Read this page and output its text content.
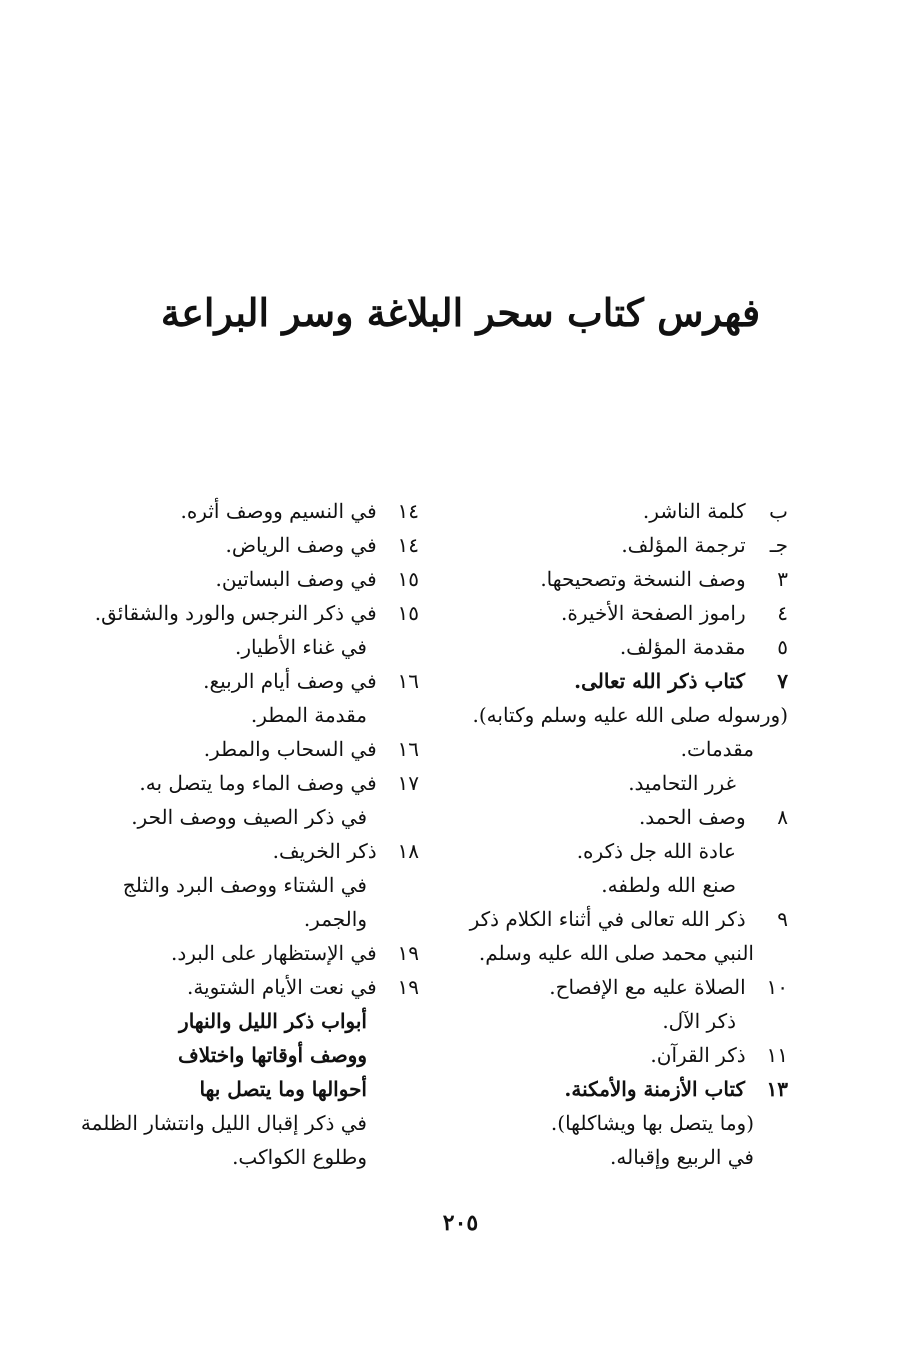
فهرس كتاب سحر البلاغة وسر البراعة
ب كلمة الناشر.
جـ ترجمة المؤلف.
٣ وصف النسخة وتصحيحها.
٤ راموز الصفحة الأخيرة.
٥ مقدمة المؤلف.
٧ كتاب ذكر الله تعالى.
(ورسوله صلى الله عليه وسلم وكتابه).
مقدمات.
غرر التحاميد.
٨ وصف الحمد.
عادة الله جل ذكره.
صنع الله ولطفه.
٩ ذكر الله تعالى في أثناء الكلام ذكر
النبي محمد صلى الله عليه وسلم.
١٠ الصلاة عليه مع الإفصاح.
ذكر الآل.
١١ ذكر القرآن.
١٣ كتاب الأزمنة والأمكنة.
(وما يتصل بها ويشاكلها).
في الربيع وإقباله.
١٤ في النسيم ووصف أثره.
١٤ في وصف الرياض.
١٥ في وصف البساتين.
١٥ في ذكر النرجس والورد والشقائق.
في غناء الأطيار.
١٦ في وصف أيام الربيع.
مقدمة المطر.
١٦ في السحاب والمطر.
١٧ في وصف الماء وما يتصل به.
في ذكر الصيف ووصف الحر.
١٨ ذكر الخريف.
في الشتاء ووصف البرد والثلج
والجمر.
١٩ في الإستظهار على البرد.
١٩ في نعت الأيام الشتوية.
أبواب ذكر الليل والنهار
ووصف أوقاتها واختلاف
أحوالها وما يتصل بها
في ذكر إقبال الليل وانتشار الظلمة
وطلوع الكواكب.
٢٠٥
